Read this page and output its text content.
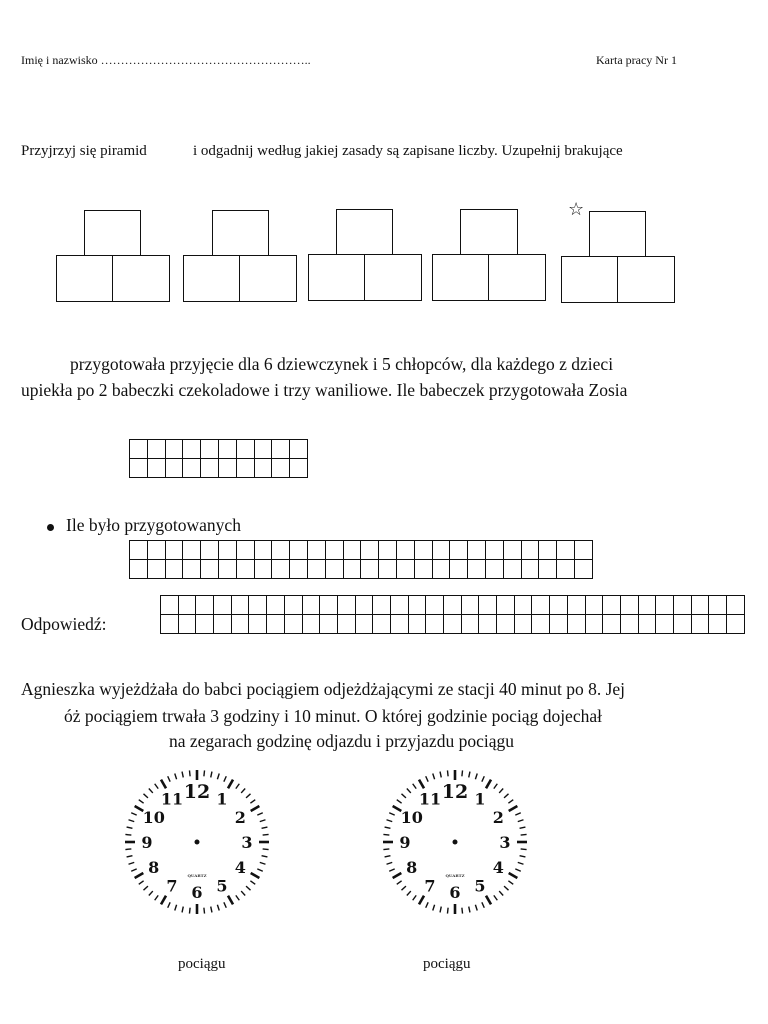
Imię i nazwisko ……………………………………………..	Karta pracy Nr 1
Przyjrzyj się piramid	i odgadnij według jakiej zasady są zapisane liczby. Uzupełnij brakujące
☆
przygotowała przyjęcie dla 6 dziewczynek i 5 chłopców, dla każdego z dzieci
upiekła po 2 babeczki czekoladowe i trzy waniliowe. Ile babeczek przygotowała Zosia

Ile było przygotowanych

Odpowiedź:

Agnieszka wyjeżdżała do babci pociągiem odjeżdżającymi ze stacji 40 minut po 8. Jej
óż pociągiem trwała 3 godziny i 10 minut. O której godzinie pociąg dojechał
na zegarach godzinę odjazdu i przyjazdu pociągu
12 1
2
3
4
5
6
7
8
9
10
11
QUARTZ
12 1
2
3
4
5
6
7
8
9
10
11
QUARTZ
pociągu	pociągu
